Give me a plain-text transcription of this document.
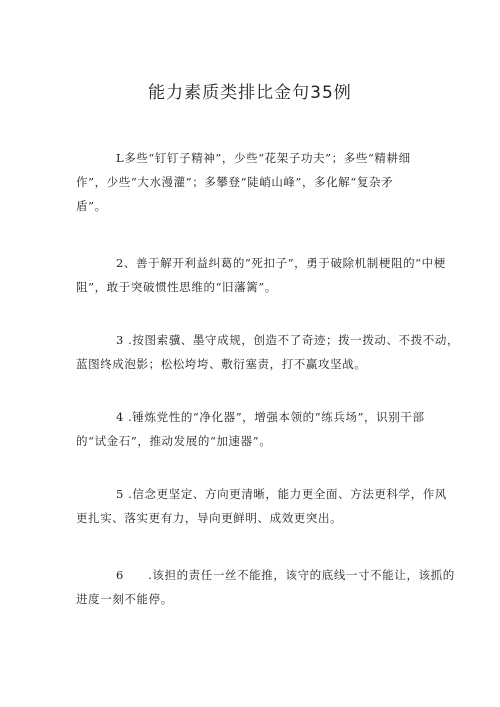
能力素质类排比金句35例
L多些“钉钉子精神”，少些“花架子功夫”；多些“精耕细
作”，少些“大水漫灌”；多攀登“陡峭山峰”，多化解“复杂矛
盾”。
2、善于解开利益纠葛的“死扣子”，勇于破除机制梗阻的“中梗
阻”，敢于突破惯性思维的“旧藩篱”。
3 .按图索骥、墨守成规，创造不了奇迹；拨一拨动、不拨不动，
蓝图终成泡影；松松垮垮、敷衍塞责，打不赢攻坚战。
4 .锤炼党性的“净化器”，增强本领的“练兵场”，识别干部
的“试金石”，推动发展的“加速器”。
5 .信念更坚定、方向更清晰，能力更全面、方法更科学，作风
更扎实、落实更有力，导向更鲜明、成效更突出。
6　　.该担的责任一丝不能推，该守的底线一寸不能让，该抓的
进度一刻不能停。
